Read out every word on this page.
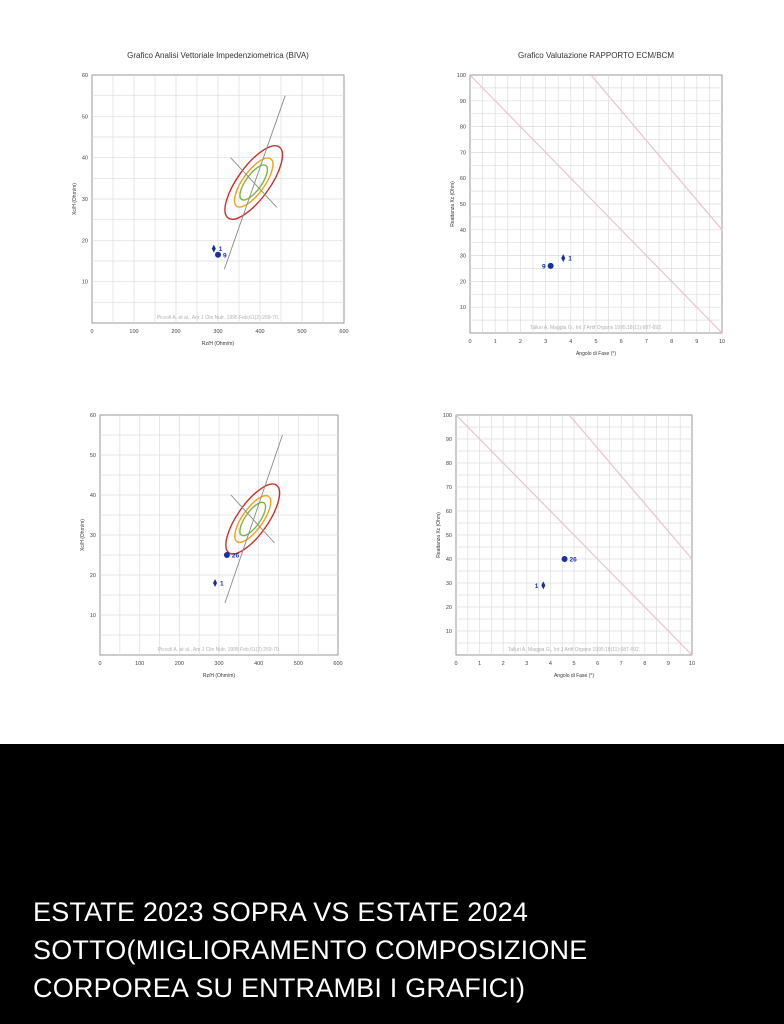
Grafico Analisi Vettoriale Impedenziometrica (BIVA)
0	100	200	300	400	500	600
10
20
30
40
50
60
Rz/H (Ohm/m)
Xc/H (Ohm/m)
1
9
Piccoli A. et al., Am J Clin Nutr. 1995 Feb;61(2):269-70.
Grafico Valutazione RAPPORTO ECM/BCM
0	1	2	3	4	5	6	7	8	9	10
10
20
30
40
50
60
70
80
90
100
Angolo di Fase (°)
Reattanza Xc (Ohm)
9
1
Talluri A, Maggia G., Int J Artif Organs 1995;18(11):687-692.
0	100	200	300	400	500	600
10
20
30
40
50
60
Rz/H (Ohm/m)
Xc/H (Ohm/m)
1
26
Piccoli A. et al., Am J Clin Nutr. 1995 Feb;61(2):269-70.
0	1	2	3	4	5	6	7	8	9	10
10
20
30
40
50
60
70
80
90
100
Angolo di Fase (°)
Reattanza Xc (Ohm)
1
26
Talluri A, Maggia G., Int J Artif Organs 1995;18(11):687-692.
ESTATE 2023 SOPRA VS ESTATE 2024
SOTTO(MIGLIORAMENTO COMPOSIZIONE
CORPOREA SU ENTRAMBI I GRAFICI)
